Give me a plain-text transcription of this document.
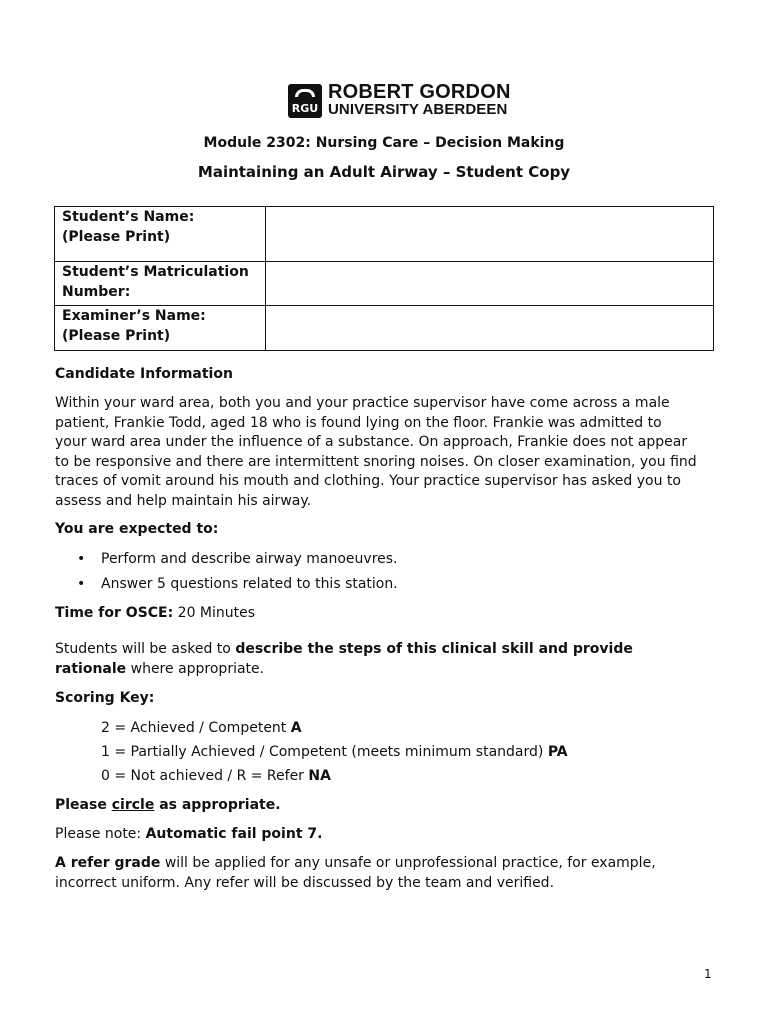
RGU
ROBERT GORDON
UNIVERSITY ABERDEEN
Module 2302: Nursing Care – Decision Making
Maintaining an Adult Airway – Student Copy
Student’s Name:
(Please Print)	

Student’s Matriculation
Number:	

Examiner’s Name:
(Please Print)	

Candidate Information
Within your ward area, both you and your practice supervisor have come across a male
patient, Frankie Todd, aged 18 who is found lying on the floor. Frankie was admitted to
your ward area under the influence of a substance. On approach, Frankie does not appear
to be responsive and there are intermittent snoring noises. On closer examination, you find
traces of vomit around his mouth and clothing. Your practice supervisor has asked you to
assess and help maintain his airway.
You are expected to:
• Perform and describe airway manoeuvres.
• Answer 5 questions related to this station.
Time for OSCE: 20 Minutes
Students will be asked to describe the steps of this clinical skill and provide
rationale where appropriate.
Scoring Key:
2 = Achieved / Competent A
1 = Partially Achieved / Competent (meets minimum standard) PA
0 = Not achieved / R = Refer NA
Please circle as appropriate.
Please note: Automatic fail point 7.
A refer grade will be applied for any unsafe or unprofessional practice, for example,
incorrect uniform. Any refer will be discussed by the team and verified.
1
